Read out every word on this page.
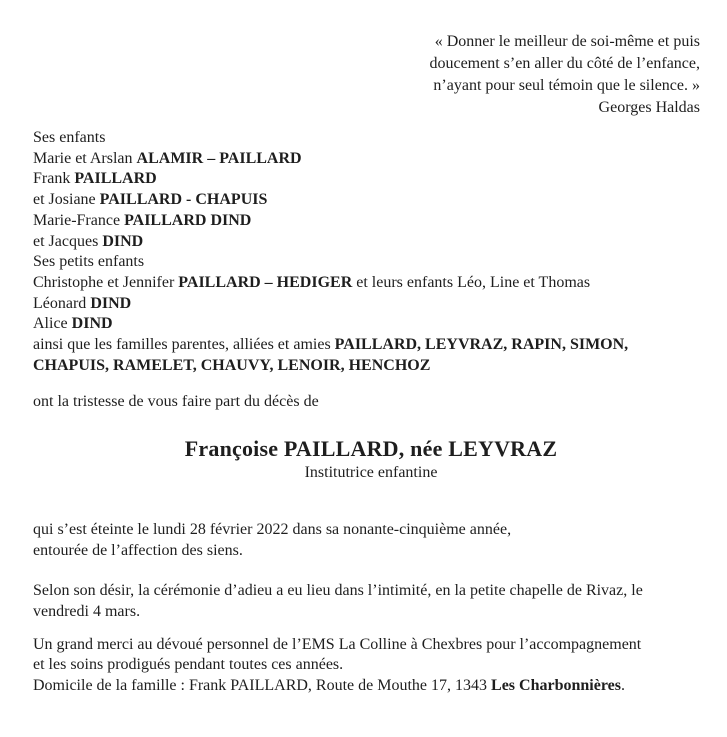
« Donner le meilleur de soi-même et puis
doucement s’en aller du côté de l’enfance,
n’ayant pour seul témoin que le silence. »
Georges Haldas
Ses enfants
Marie et Arslan ALAMIR – PAILLARD
Frank PAILLARD
et Josiane PAILLARD - CHAPUIS
Marie-France PAILLARD DIND
et Jacques DIND
Ses petits enfants
Christophe et Jennifer PAILLARD – HEDIGER et leurs enfants Léo, Line et Thomas
Léonard DIND
Alice DIND
ainsi que les familles parentes, alliées et amies PAILLARD, LEYVRAZ, RAPIN, SIMON,
CHAPUIS, RAMELET, CHAUVY, LENOIR, HENCHOZ
ont la tristesse de vous faire part du décès de
Françoise PAILLARD, née LEYVRAZ
Institutrice enfantine
qui s’est éteinte le lundi 28 février 2022 dans sa nonante-cinquième année,
entourée de l’affection des siens.
Selon son désir, la cérémonie d’adieu a eu lieu dans l’intimité, en la petite chapelle de Rivaz, le
vendredi 4 mars.
Un grand merci au dévoué personnel de l’EMS La Colline à Chexbres pour l’accompagnement
et les soins prodigués pendant toutes ces années.
Domicile de la famille : Frank PAILLARD, Route de Mouthe 17, 1343 Les Charbonnières.
